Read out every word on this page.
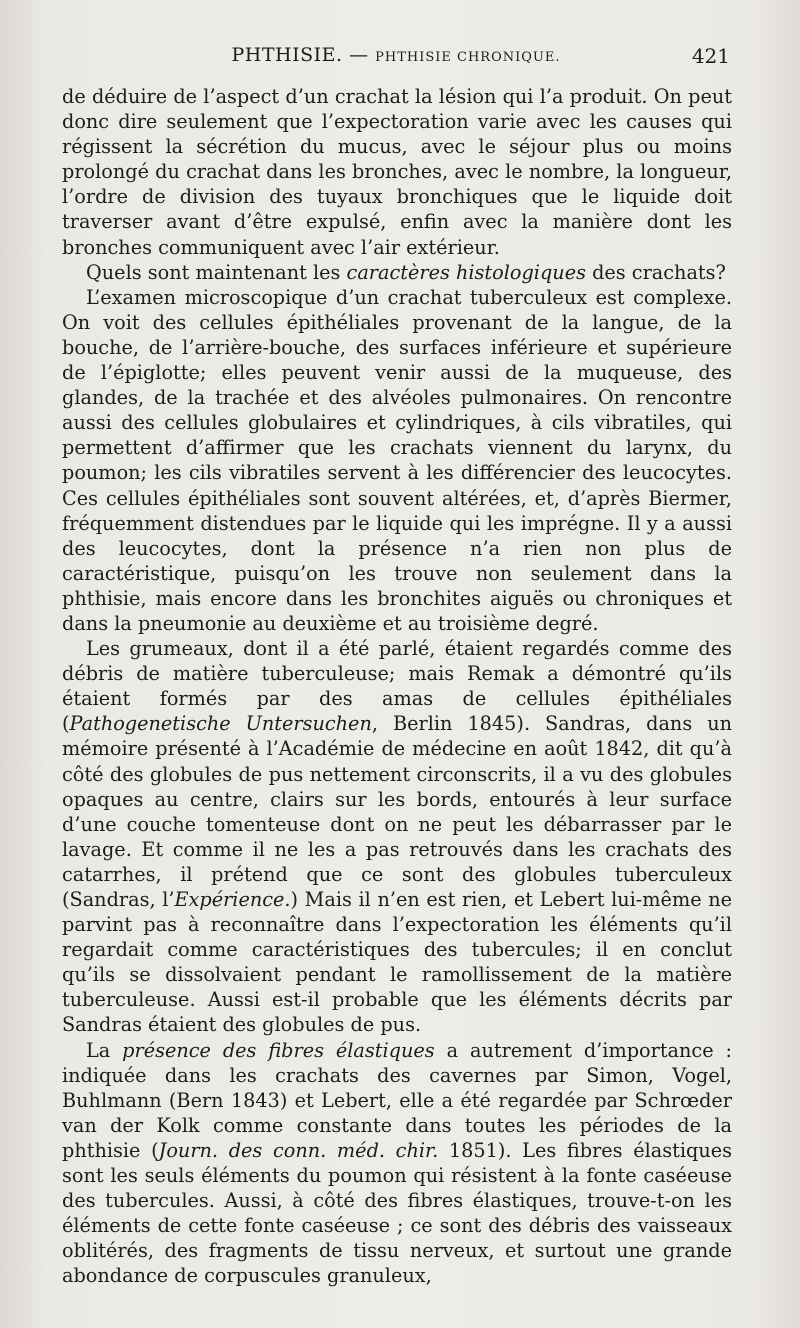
PHTHISIE. — PHTHISIE CHRONIQUE.	421

de déduire de l’aspect d’un crachat la lésion qui l’a produit. On peut donc dire seulement que l’expectoration varie avec les causes qui régissent la sécrétion du mucus, avec le séjour plus ou moins prolongé du crachat dans les bronches, avec le nombre, la longueur, l’ordre de division des tuyaux bronchiques que le liquide doit traverser avant d’être expulsé, enfin avec la manière dont les bronches communiquent avec l’air extérieur.

Quels sont maintenant les caractères histologiques des crachats?

L’examen microscopique d’un crachat tuberculeux est complexe. On voit des cellules épithéliales provenant de la langue, de la bouche, de l’arrière-bouche, des surfaces inférieure et supérieure de l’épiglotte; elles peuvent venir aussi de la muqueuse, des glandes, de la trachée et des alvéoles pulmonaires. On rencontre aussi des cellules globulaires et cylindriques, à cils vibratiles, qui permettent d’affirmer que les crachats viennent du larynx, du poumon; les cils vibratiles servent à les différencier des leucocytes. Ces cellules épithéliales sont souvent altérées, et, d’après Biermer, fréquemment distendues par le liquide qui les imprégne. Il y a aussi des leucocytes, dont la présence n’a rien non plus de caractéristique, puisqu’on les trouve non seulement dans la phthisie, mais encore dans les bronchites aiguës ou chroniques et dans la pneumonie au deuxième et au troisième degré.

Les grumeaux, dont il a été parlé, étaient regardés comme des débris de matière tuberculeuse; mais Remak a démontré qu’ils étaient formés par des amas de cellules épithéliales (Pathogenetische Untersuchen, Berlin 1845). Sandras, dans un mémoire présenté à l’Académie de médecine en août 1842, dit qu’à côté des globules de pus nettement circonscrits, il a vu des globules opaques au centre, clairs sur les bords, entourés à leur surface d’une couche tomenteuse dont on ne peut les débarrasser par le lavage. Et comme il ne les a pas retrouvés dans les crachats des catarrhes, il prétend que ce sont des globules tuberculeux (Sandras, l’Expérience.) Mais il n’en est rien, et Lebert lui-même ne parvint pas à reconnaître dans l’expectoration les éléments qu’il regardait comme caractéristiques des tubercules; il en conclut qu’ils se dissolvaient pendant le ramollissement de la matière tuberculeuse. Aussi est-il probable que les éléments décrits par Sandras étaient des globules de pus.

La présence des fibres élastiques a autrement d’importance : indiquée dans les crachats des cavernes par Simon, Vogel, Buhlmann (Bern 1843) et Lebert, elle a été regardée par Schrœder van der Kolk comme constante dans toutes les périodes de la phthisie (Journ. des conn. méd. chir. 1851). Les fibres élastiques sont les seuls éléments du poumon qui résistent à la fonte caséeuse des tubercules. Aussi, à côté des fibres élastiques, trouve-t-on les éléments de cette fonte caséeuse ; ce sont des débris des vaisseaux oblitérés, des fragments de tissu nerveux, et surtout une grande abondance de corpuscules granuleux,
